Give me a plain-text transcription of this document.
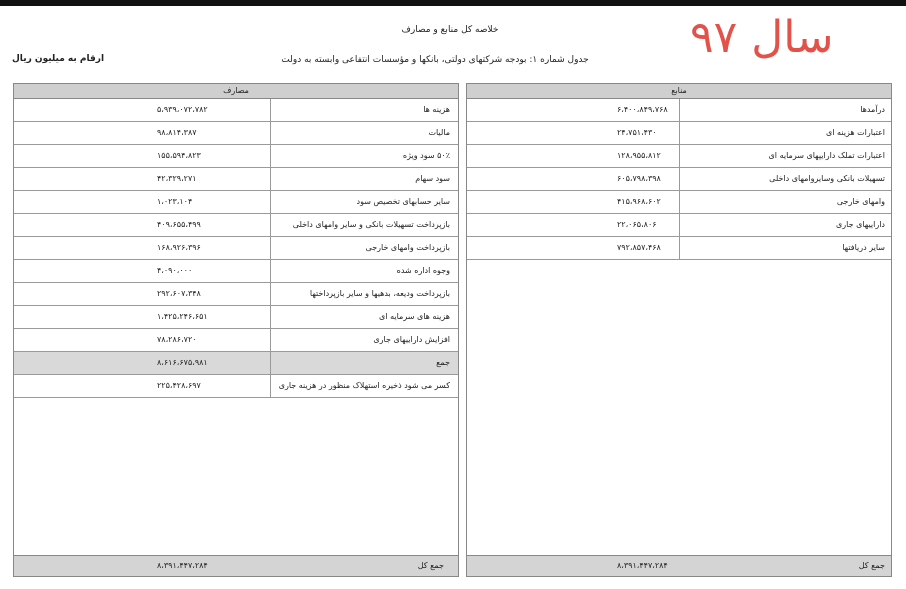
خلاصه کل منابع و مصارف
جدول شماره ۱: بودجه شرکتهای دولتی، بانکها و مؤسسات انتفاعی وابسته به دولت
ارقام به میلیون ریال	سال ۹۷
منابع
درآمدها
۶،۴۰۰،۸۴۹،۷۶۸
اعتبارات هزینه ای
۲۴،۷۵۱،۴۳۰
اعتبارات تملک دارایپهای سرمایه ای
۱۲۸،۹۵۵،۸۱۲
تسهیلات بانکی وسایروامهای داخلی
۶۰۵،۷۹۸،۳۹۸
وامهای خارجی
۴۱۵،۹۶۸،۶۰۲
داراییهای جاری
۲۲،۰۶۵،۸۰۶
سایر دریافتها
۷۹۲،۸۵۷،۴۶۸
جمع کل
۸،۳۹۱،۴۴۷،۲۸۴
مصارف
هزینه ها
۵،۹۳۹،۰۷۲،۷۸۲
مالیات
۹۸،۸۱۴،۳۸۷
۵۰٪ سود ویژه
۱۵۵،۵۹۴،۸۲۳
سود سهام
۴۲،۳۲۹،۲۷۱
سایر حسابهای تخصیص سود
۱،۰۲۳،۱۰۴
بازپرداخت تسهیلات بانکی و سایر وامهای داخلی
۴۰۹،۶۵۵،۴۹۹
بازپرداخت وامهای خارجی
۱۶۸،۹۲۶،۳۹۶
وجوه اداره شده
۴،۰۹۰،۰۰۰
بازپرداخت ودیعه، بدهیها و سایر بازپرداختها
۲۹۲،۶۰۷،۳۴۸
هزینه های سرمایه ای
۱،۴۲۵،۲۴۶،۶۵۱
افزایش داراییهای جاری
۷۸،۲۸۶،۷۲۰
جمع
۸،۶۱۶،۶۷۵،۹۸۱
کسر می شود ذخیره استهلاک منظور در هزینه جاری
۲۲۵،۴۲۸،۶۹۷
جمع کل
۸،۳۹۱،۴۴۷،۲۸۴
